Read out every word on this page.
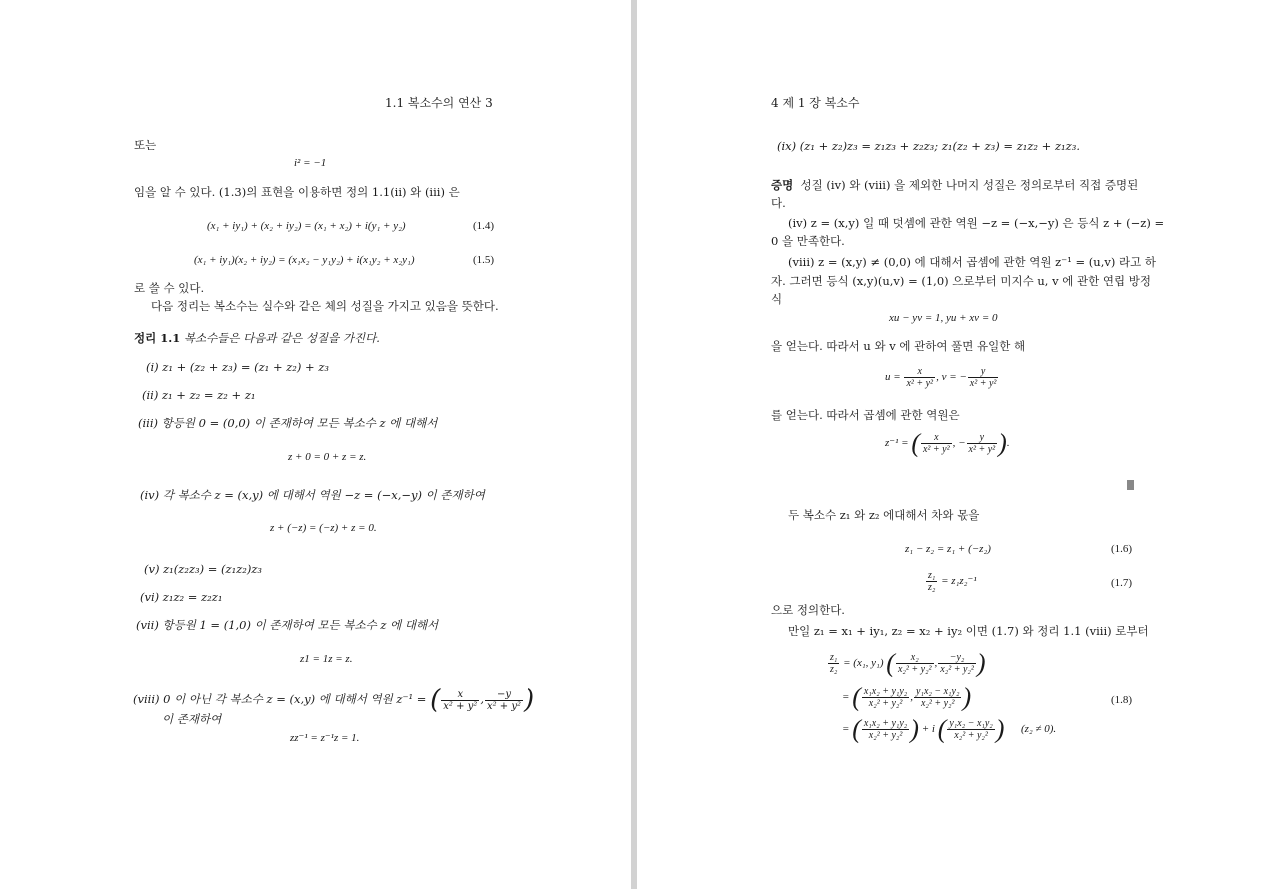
1.1 복소수의 연산 3
또는
i² = −1
임을 알 수 있다. (1.3)의 표현을 이용하면 정의 1.1(ii) 와 (iii) 은
(x₁ + iy₁) + (x₂ + iy₂) = (x₁ + x₂) + i(y₁ + y₂)	(1.4)
(x₁ + iy₁)(x₂ + iy₂) = (x₁x₂ − y₁y₂) + i(x₁y₂ + x₂y₁)	(1.5)
로 쓸 수 있다.
다음 정리는 복소수는 실수와 같은 체의 성질을 가지고 있음을 뜻한다.
정리 1.1 복소수들은 다음과 같은 성질을 가진다.
(i) z₁ + (z₂ + z₃) = (z₁ + z₂) + z₃
(ii) z₁ + z₂ = z₂ + z₁
(iii) 항등원 0 = (0,0) 이 존재하여 모든 복소수 z 에 대해서
z + 0 = 0 + z = z.
(iv) 각 복소수 z = (x,y) 에 대해서 역원 −z = (−x,−y) 이 존재하여
z + (−z) = (−z) + z = 0.
(v) z₁(z₂z₃) = (z₁z₂)z₃
(vi) z₁z₂ = z₂z₁
(vii) 항등원 1 = (1,0) 이 존재하여 모든 복소수 z 에 대해서
z1 = 1z = z.
(viii) 0 이 아닌 각 복소수 z = (x,y) 에 대해서 역원 z⁻¹ = ( $\frac{x}{\text{x² + y²}}$ , $\frac{-y}{\text{x² + y²}}$ )
이 존재하여
zz⁻¹ = z⁻¹z = 1.
4 제 1 장 복소수
(ix) (z₁ + z₂)z₃ = z₁z₃ + z₂z₃; z₁(z₂ + z₃) = z₁z₂ + z₁z₃.
증명 성질 (iv) 와 (viii) 을 제외한 나머지 성질은 정의로부터 직접 증명된
다.
(iv) z = (x,y) 일 때 덧셈에 관한 역원 −z = (−x,−y) 은 등식 z + (−z) =
0 을 만족한다.
(viii) z = (x,y) ≠ (0,0) 에 대해서 곱셈에 관한 역원 z⁻¹ = (u,v) 라고 하
자. 그러면 등식 (x,y)(u,v) = (1,0) 으로부터 미지수 u, v 에 관한 연립 방정
식
xu − yv = 1, yu + xv = 0
을 얻는다. 따라서 u 와 v 에 관하여 풀면 유일한 해
$u = \frac{x}{\text{x² + y²}}$ , v = − $\frac{y}{\text{x² + y²}}$
를 얻는다. 따라서 곱셈에 관한 역원은
z⁻¹ = ( $\frac{x}{\text{x² + y²}}$ , − $\frac{y}{\text{x² + y²}}$ ).
두 복소수 z₁ 와 z₂ 에대해서 차와 몫을
z₁ − z₂ = z₁ + (−z₂)	(1.6)
$\frac{\text{z₁}}{\text{z₂}} = z_1z_2^{-1}$	(1.7)
으로 정의한다.
만일 z₁ = x₁ + iy₁, z₂ = x₂ + iy₂ 이면 (1.7) 와 정리 1.1 (viii) 로부터
$\frac{\text{z₁}}{\text{z₂}} = (x_1$, y₁) ( $\frac{\text{x₂}}{\text{x₂² + y₂²}}$ , $\frac{\text{−y₂}}{\text{x₂² + y₂²}}$ )
= ( $\frac{\text{x₁x₂ + y₁y₂}}{\text{x₂² + y₂²}}$ , $\frac{\text{y₁x₂ − x₁y₂}}{\text{x₂² + y₂²}}$ )	(1.8)
= ( $\frac{\text{x₁x₂ + y₁y₂}}{\text{x₂² + y₂²}}$ ) + i ( $\frac{\text{y₁x₂ − x₁y₂}}{\text{x₂² + y₂²}}$ ) (z₂ ≠ 0).
